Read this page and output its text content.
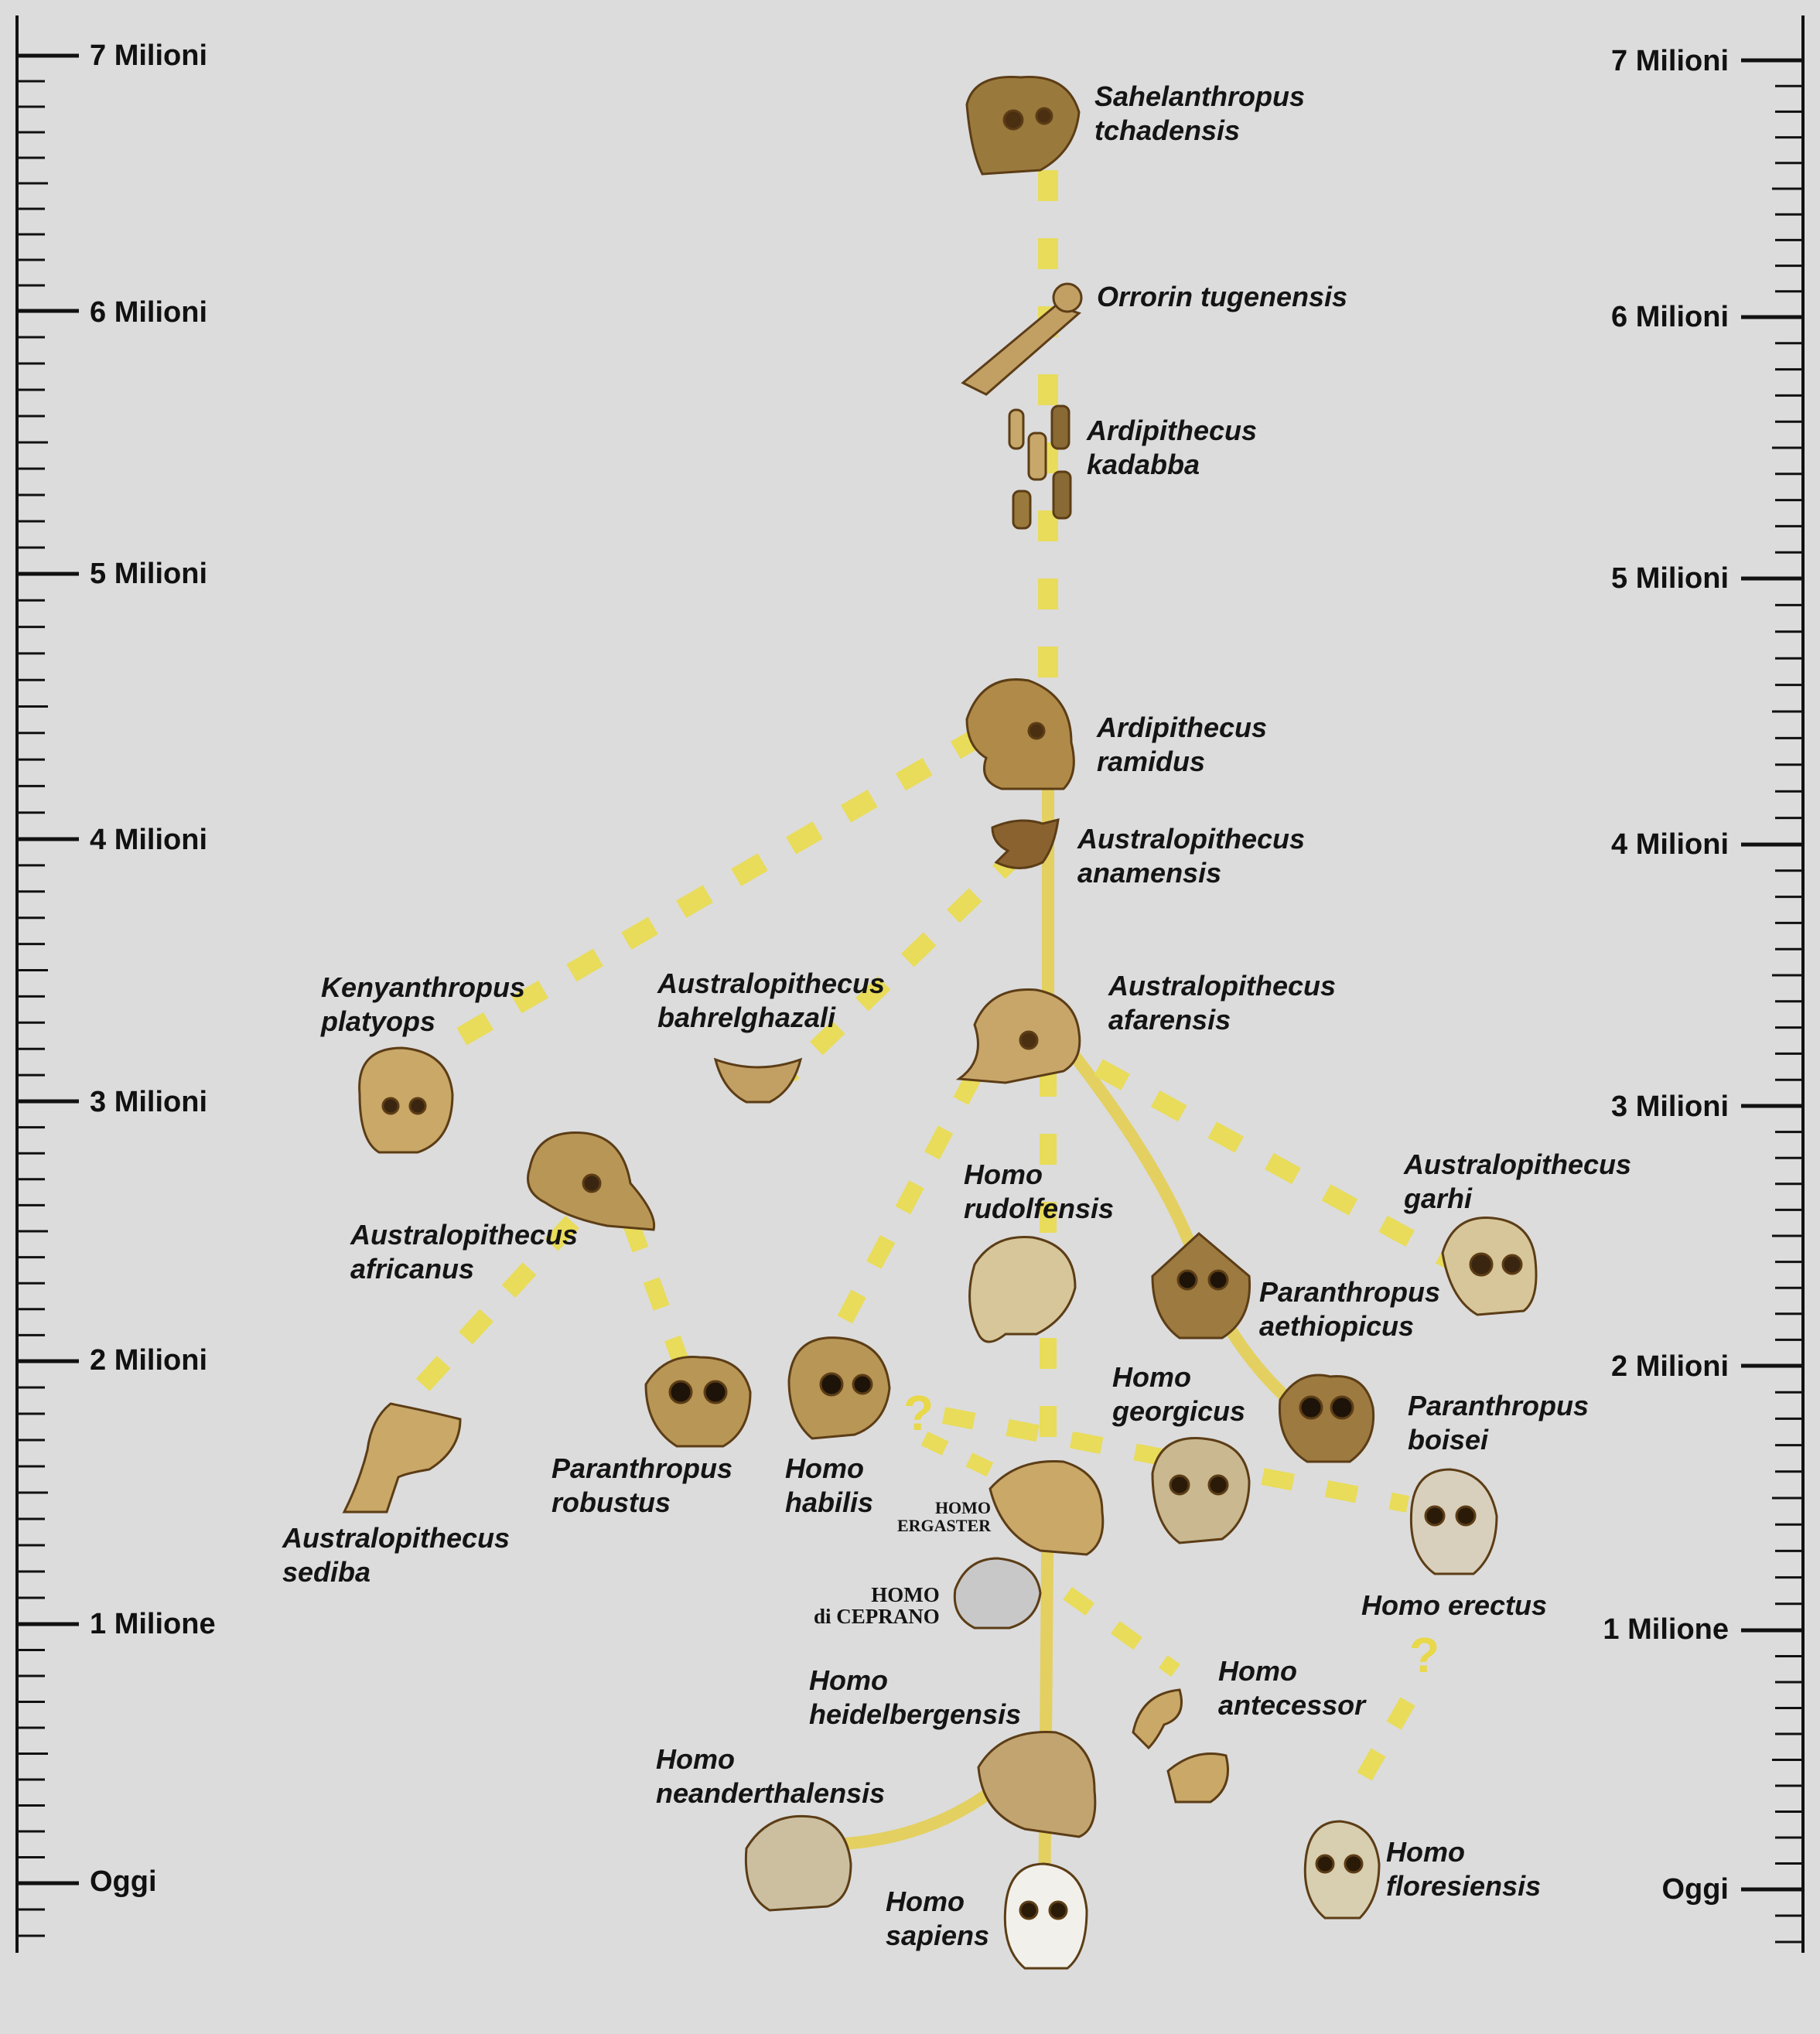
7 Milioni
6 Milioni
5 Milioni
4 Milioni
3 Milioni
2 Milioni
1 Milione
Oggi
7 Milioni
6 Milioni
5 Milioni
4 Milioni
3 Milioni
2 Milioni
1 Milione
Oggi
Sahelanthropus
tchadensis
Orrorin tugenensis
Ardipithecus
kadabba
Ardipithecus
ramidus
Australopithecus
anamensis
Australopithecus
afarensis
Kenyanthropus
platyops
Australopithecus
bahrelghazali
Australopithecus
africanus
Homo
rudolfensis
Australopithecus
garhi
Paranthropus
aethiopicus
Paranthropus
boisei
Homo
georgicus
Australopithecus
sediba
Paranthropus
robustus
Homo
habilis
Homo erectus
Homo
antecessor
Homo
heidelbergensis
Homo
neanderthalensis
Homo
sapiens
Homo
floresiensis
HOMO
ERGASTER
HOMO
di CEPRANO
?
?
